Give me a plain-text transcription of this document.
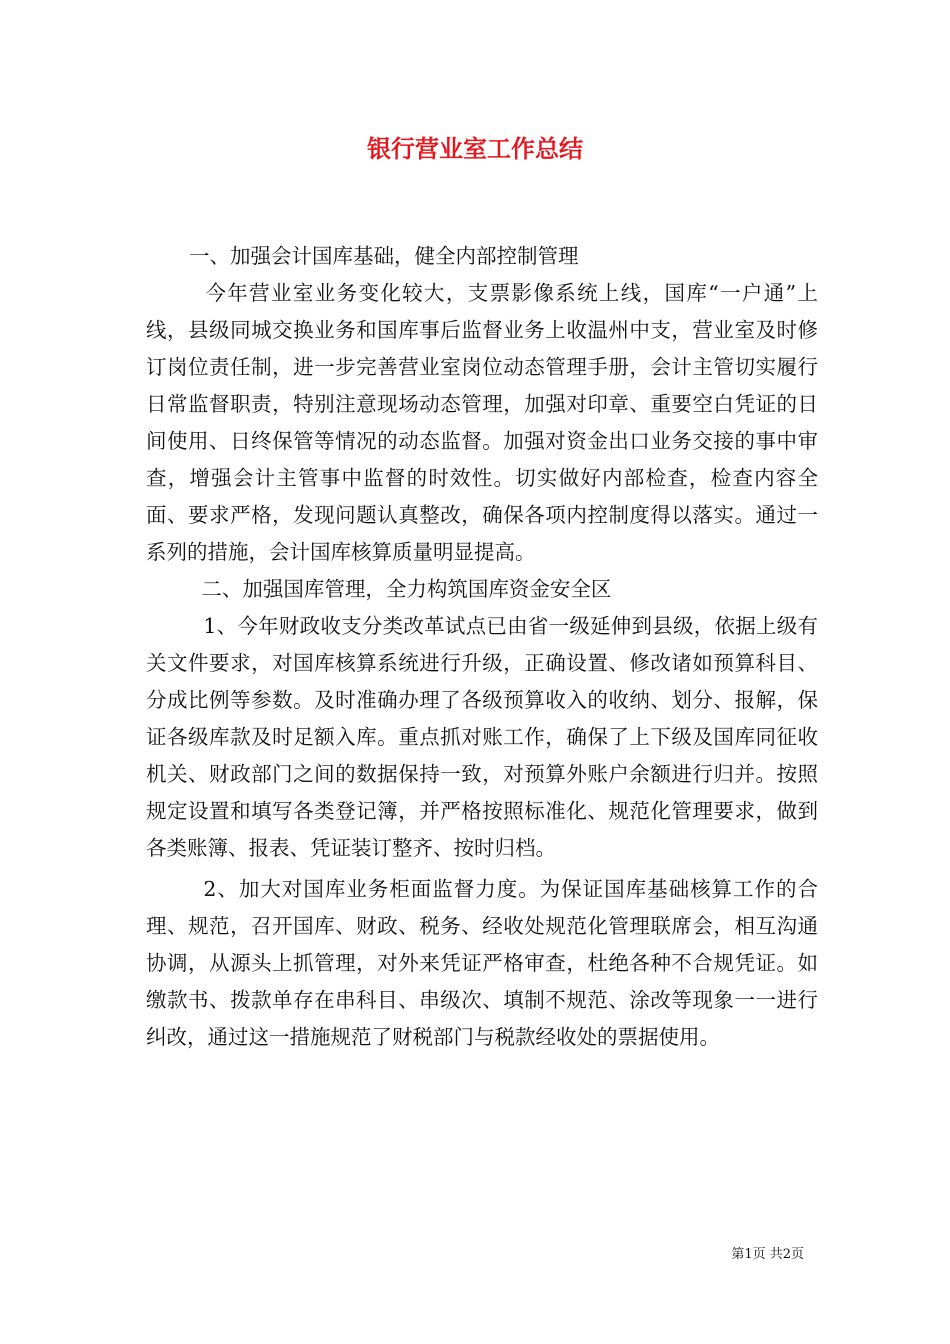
银行营业室工作总结

一、加强会计国库基础，健全内部控制管理

今年营业室业务变化较大，支票影像系统上线，国库“一户通”上线，县级同城交换业务和国库事后监督业务上收温州中支，营业室及时修订岗位责任制，进一步完善营业室岗位动态管理手册，会计主管切实履行日常监督职责，特别注意现场动态管理，加强对印章、重要空白凭证的日间使用、日终保管等情况的动态监督。加强对资金出口业务交接的事中审查，增强会计主管事中监督的时效性。切实做好内部检查，检查内容全面、要求严格，发现问题认真整改，确保各项内控制度得以落实。通过一系列的措施，会计国库核算质量明显提高。

二、加强国库管理，全力构筑国库资金安全区

1、今年财政收支分类改革试点已由省一级延伸到县级，依据上级有关文件要求，对国库核算系统进行升级，正确设置、修改诸如预算科目、分成比例等参数。及时准确办理了各级预算收入的收纳、划分、报解，保证各级库款及时足额入库。重点抓对账工作，确保了上下级及国库同征收机关、财政部门之间的数据保持一致，对预算外账户余额进行归并。按照规定设置和填写各类登记簿，并严格按照标准化、规范化管理要求，做到各类账簿、报表、凭证装订整齐、按时归档。

2、加大对国库业务柜面监督力度。为保证国库基础核算工作的合理、规范，召开国库、财政、税务、经收处规范化管理联席会，相互沟通协调，从源头上抓管理，对外来凭证严格审查，杜绝各种不合规凭证。如缴款书、拨款单存在串科目、串级次、填制不规范、涂改等现象一一进行纠改，通过这一措施规范了财税部门与税款经收处的票据使用。

第1页 共2页
